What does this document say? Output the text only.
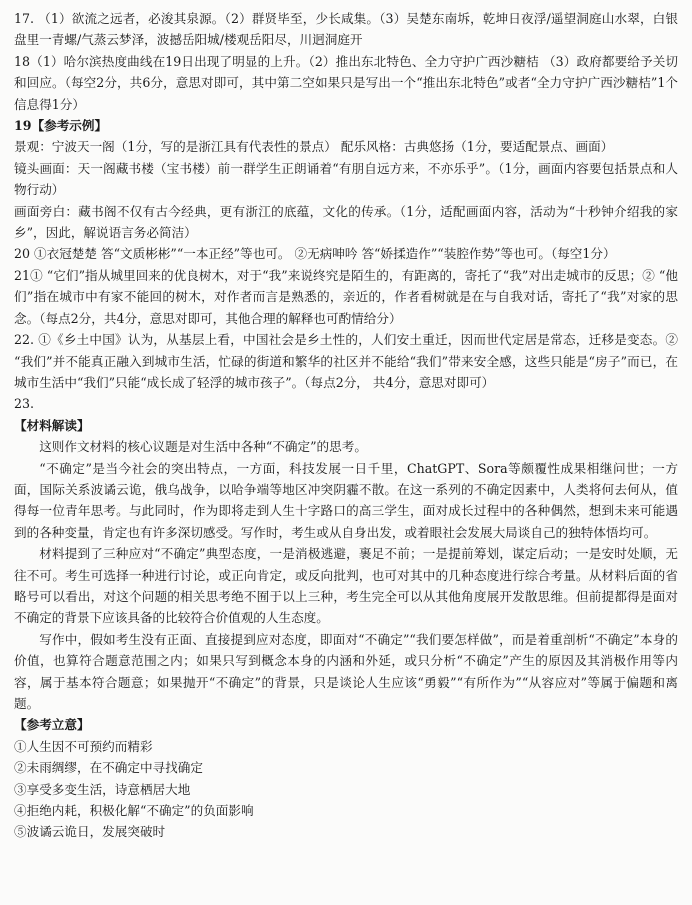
17. （1）欲流之远者，必浚其泉源。（2）群贤毕至，少长咸集。（3）吴楚东南坼，乾坤日夜浮/遥望洞庭山水翠，白银盘里一青螺/气蒸云梦泽，波撼岳阳城/楼观岳阳尽，川迥洞庭开

18（1）哈尔滨热度曲线在19日出现了明显的上升。（2）推出东北特色、全力守护广西沙糖桔 （3）政府都要给予关切和回应。（每空2分，共6分，意思对即可，其中第二空如果只是写出一个“推出东北特色”或者“全力守护广西沙糖桔”1个信息得1分）

19【参考示例】

景观：宁波天一阁（1分，写的是浙江具有代表性的景点） 配乐风格：古典悠扬（1分，要适配景点、画面）

镜头画面：天一阁藏书楼（宝书楼）前一群学生正朗诵着“有朋自远方来，不亦乐乎”。（1分，画面内容要包括景点和人物行动）

画面旁白：藏书阁不仅有古今经典，更有浙江的底蕴，文化的传承。（1分，适配画面内容，活动为“十秒钟介绍我的家乡”，因此，解说语言务必简洁）

20 ①衣冠楚楚 答“文质彬彬”“一本正经”等也可。 ②无病呻吟 答“娇揉造作”“装腔作势”等也可。（每空1分）

21① “它们”指从城里回来的优良树木，对于“我”来说终究是陌生的，有距离的，寄托了“我”对出走城市的反思；② “他们”指在城市中有家不能回的树木，对作者而言是熟悉的，亲近的，作者看树就是在与自我对话，寄托了“我”对家的思念。（每点2分，共4分，意思对即可，其他合理的解释也可酌情给分）

22. ①《乡土中国》认为，从基层上看，中国社会是乡土性的，人们安土重迁，因而世代定居是常态，迁移是变态。② “我们”并不能真正融入到城市生活，忙碌的街道和繁华的社区并不能给“我们”带来安全感，这些只能是“房子”而已，在城市生活中“我们”只能“成长成了轻浮的城市孩子”。（每点2分， 共4分，意思对即可）

23.

【材料解读】

这则作文材料的核心议题是对生活中各种“不确定”的思考。

“不确定”是当今社会的突出特点，一方面，科技发展一日千里，ChatGPT、Sora等颇覆性成果相继问世；一方面，国际关系波谲云诡，俄乌战争，以哈争端等地区冲突阴霾不散。在这一系列的不确定因素中，人类将何去何从，值得每一位青年思考。与此同时，作为即将走到人生十字路口的高三学生，面对成长过程中的各种偶然，想到未来可能遇到的各种变量，肯定也有许多深切感受。写作时，考生或从自身出发，或着眼社会发展大局谈自己的独特体悟均可。

材料提到了三种应对“不确定”典型态度，一是消极逃避，裹足不前；一是提前筹划，谋定后动；一是安时处顺，无往不可。考生可选择一种进行讨论，或正向肯定，或反向批判，也可对其中的几种态度进行综合考量。从材料后面的省略号可以看出，对这个问题的相关思考绝不囿于以上三种，考生完全可以从其他角度展开发散思维。但前提都得是面对不确定的背景下应该具备的比较符合价值观的人生态度。

写作中，假如考生没有正面、直接提到应对态度，即面对“不确定”“我们要怎样做”，而是着重剖析“不确定”本身的价值，也算符合题意范围之内；如果只写到概念本身的内涵和外延，或只分析“不确定”产生的原因及其消极作用等内容，属于基本符合题意；如果抛开“不确定”的背景，只是谈论人生应该“勇毅”“有所作为”“从容应对”等属于偏题和离题。

【参考立意】

①人生因不可预约而精彩

②未雨绸缪，在不确定中寻找确定

③享受多变生活，诗意栖居大地

④拒绝内耗，积极化解“不确定”的负面影响

⑤波谲云诡日，发展突破时
